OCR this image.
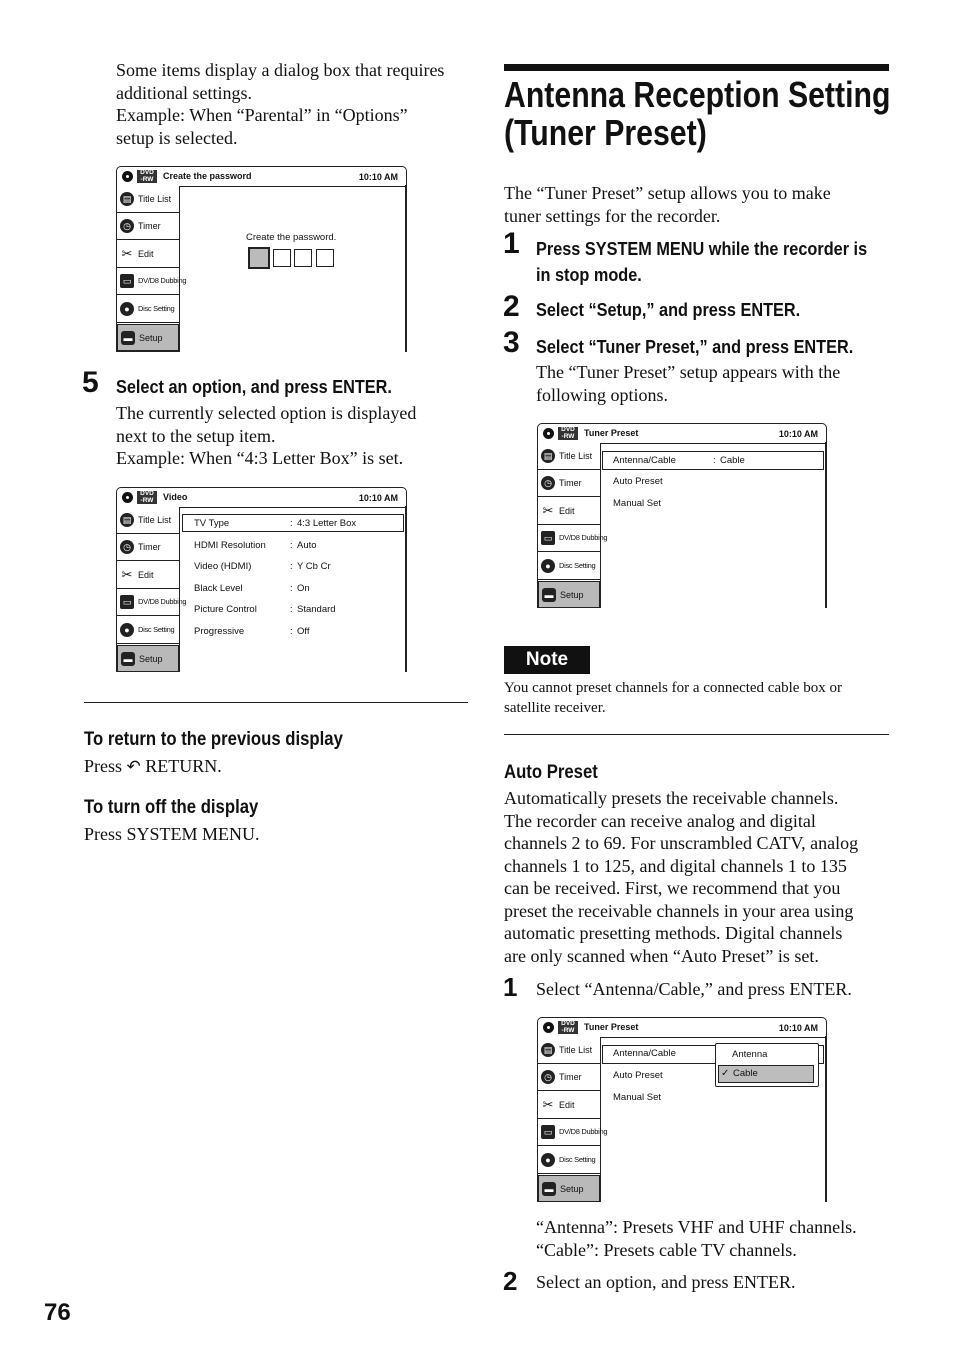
Some items display a dialog box that requires
additional settings.
Example: When “Parental” in “Options”
setup is selected.
DVD
-RW	Create the password	10:10 AM
▤ Title List
◷ Timer
✂ Edit
▭ DV/D8 Dubbing
●	Disc Setting
▬ Setup
Create the password.
5 Select an option, and press ENTER.
The currently selected option is displayed
next to the setup item.
Example: When “4:3 Letter Box” is set.
DVD
-RW	Video	10:10 AM
▤ Title List
◷ Timer
✂ Edit
▭ DV/D8 Dubbing
●	Disc Setting
▬ Setup
TV Type	: 4:3 Letter Box
HDMI Resolution	: Auto
Video (HDMI)	: Y Cb Cr
Black Level	: On
Picture Control	: Standard
Progressive	: Off
To return to the previous display
Press ↶ RETURN.
To turn off the display
Press SYSTEM MENU.
76
Antenna Reception Setting
(Tuner Preset)
The “Tuner Preset” setup allows you to make
tuner settings for the recorder.
1 Press SYSTEM MENU while the recorder is
in stop mode.
2 Select “Setup,” and press ENTER.
3 Select “Tuner Preset,” and press ENTER.
The “Tuner Preset” setup appears with the
following options.
DVD
-RW	Tuner Preset	10:10 AM
▤ Title List
◷ Timer
✂ Edit
▭ DV/D8 Dubbing
●	Disc Setting
▬ Setup
Antenna/Cable	: Cable
Auto Preset
Manual Set
Note
You cannot preset channels for a connected cable box or
satellite receiver.
Auto Preset
Automatically presets the receivable channels.
The recorder can receive analog and digital
channels 2 to 69. For unscrambled CATV, analog
channels 1 to 125, and digital channels 1 to 135
can be received. First, we recommend that you
preset the receivable channels in your area using
automatic presetting methods. Digital channels
are only scanned when “Auto Preset” is set.
1 Select “Antenna/Cable,” and press ENTER.
DVD
-RW	Tuner Preset	10:10 AM
▤ Title List
◷ Timer
✂ Edit
▭ DV/D8 Dubbing
●	Disc Setting
▬ Setup
Antenna/Cable
Auto Preset
Manual Set
Antenna
✓ Cable
“Antenna”: Presets VHF and UHF channels.
“Cable”: Presets cable TV channels.
2 Select an option, and press ENTER.
